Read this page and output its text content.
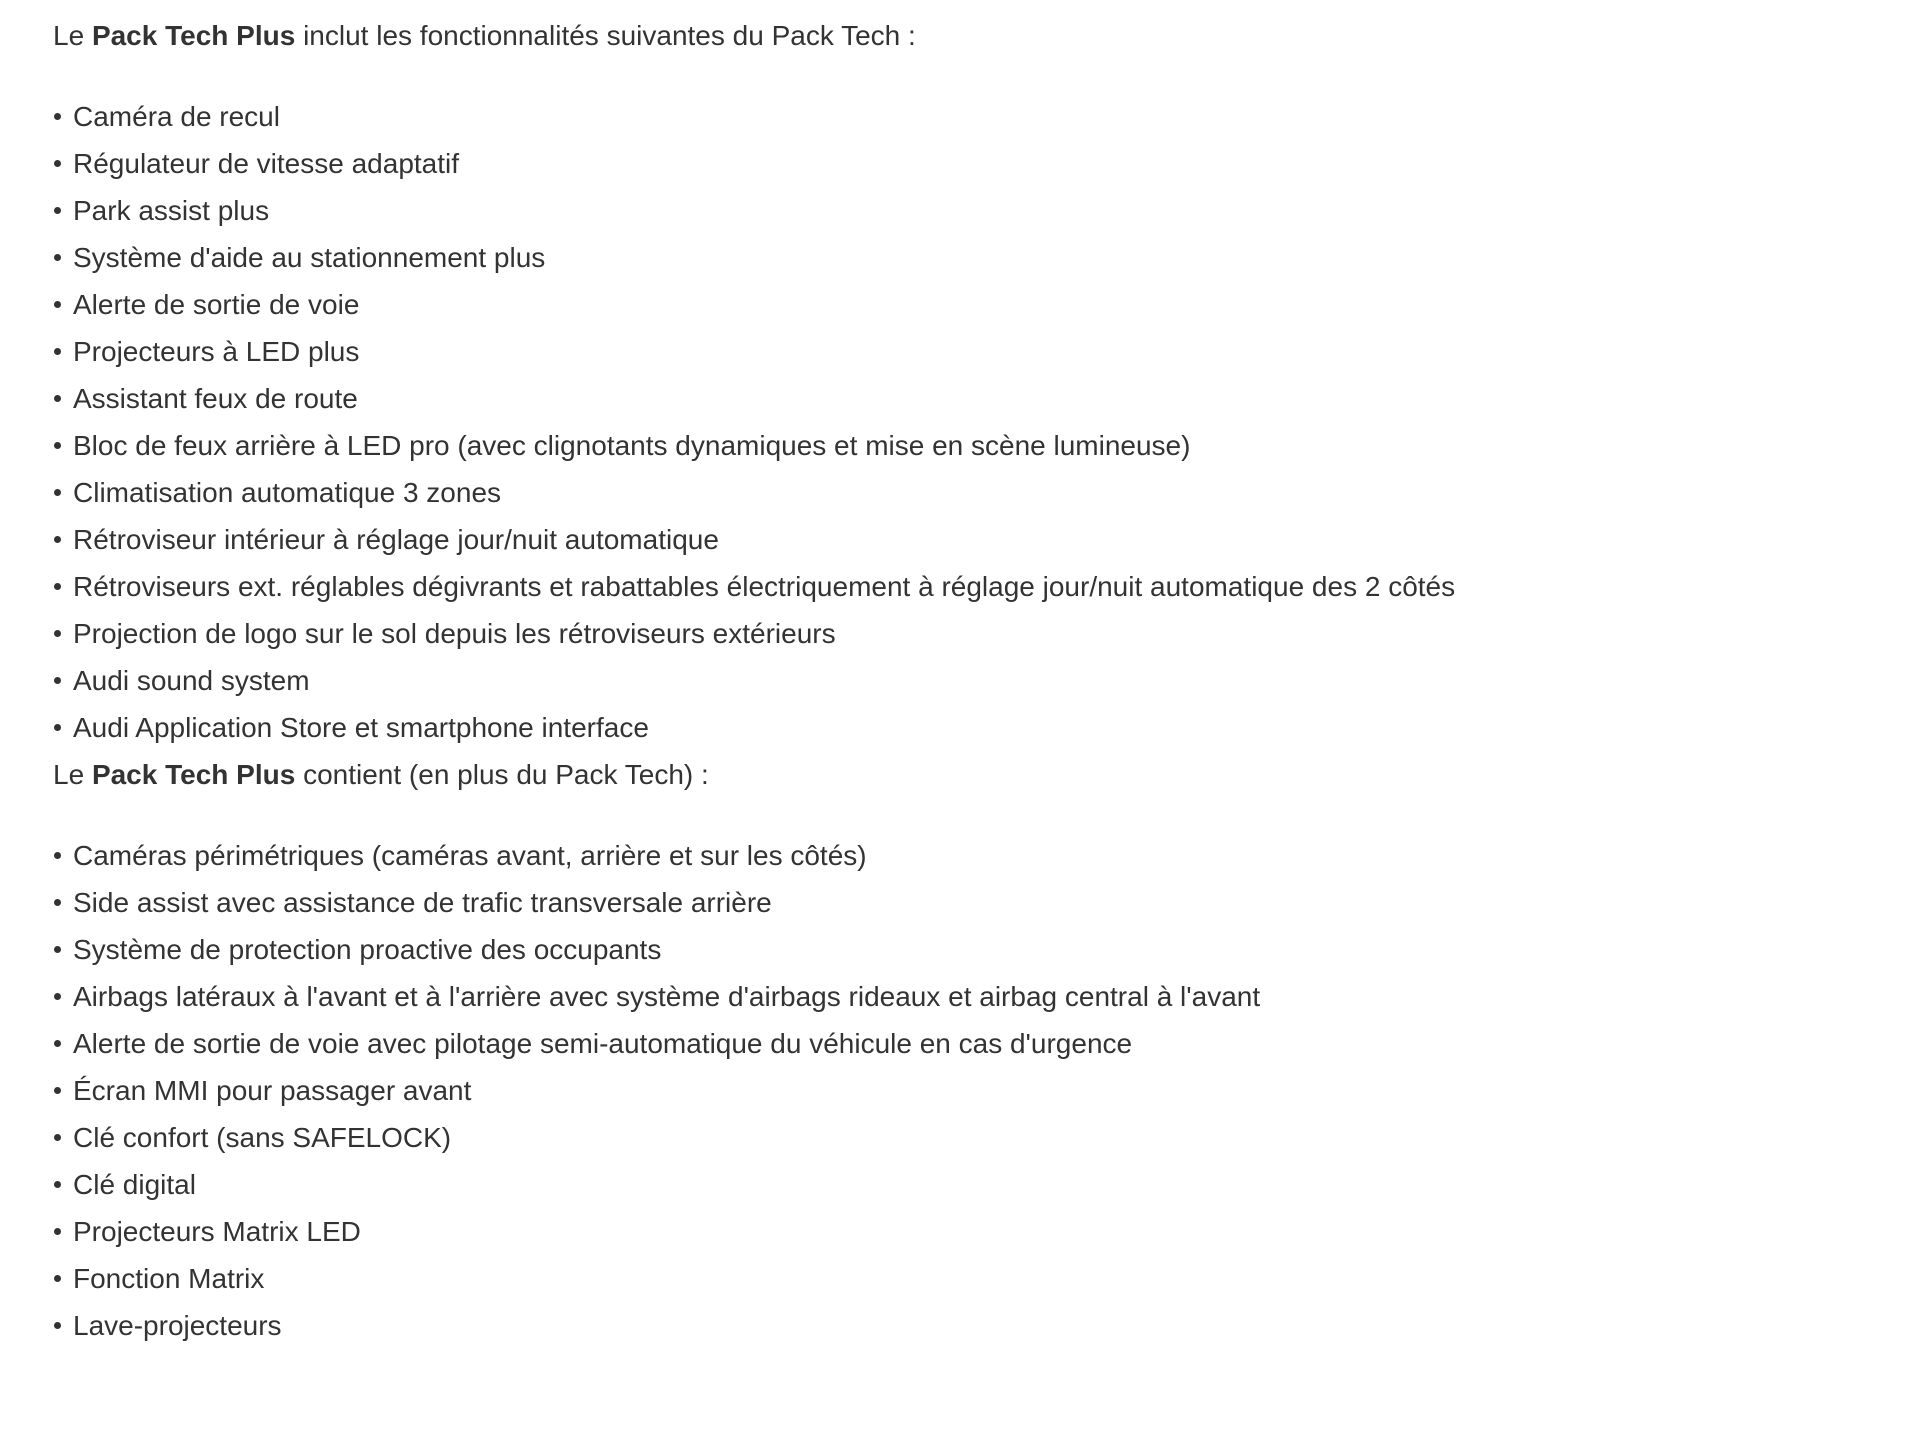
Le Pack Tech Plus inclut les fonctionnalités suivantes du Pack Tech :

Caméra de recul
Régulateur de vitesse adaptatif
Park assist plus
Système d'aide au stationnement plus
Alerte de sortie de voie
Projecteurs à LED plus
Assistant feux de route
Bloc de feux arrière à LED pro (avec clignotants dynamiques et mise en scène lumineuse)
Climatisation automatique 3 zones
Rétroviseur intérieur à réglage jour/nuit automatique
Rétroviseurs ext. réglables dégivrants et rabattables électriquement à réglage jour/nuit automatique des 2 côtés
Projection de logo sur le sol depuis les rétroviseurs extérieurs
Audi sound system
Audi Application Store et smartphone interface

Le Pack Tech Plus contient (en plus du Pack Tech) :

Caméras périmétriques (caméras avant, arrière et sur les côtés)
Side assist avec assistance de trafic transversale arrière
Système de protection proactive des occupants
Airbags latéraux à l'avant et à l'arrière avec système d'airbags rideaux et airbag central à l'avant
Alerte de sortie de voie avec pilotage semi-automatique du véhicule en cas d'urgence
Écran MMI pour passager avant
Clé confort (sans SAFELOCK)
Clé digital
Projecteurs Matrix LED
Fonction Matrix
Lave-projecteurs
